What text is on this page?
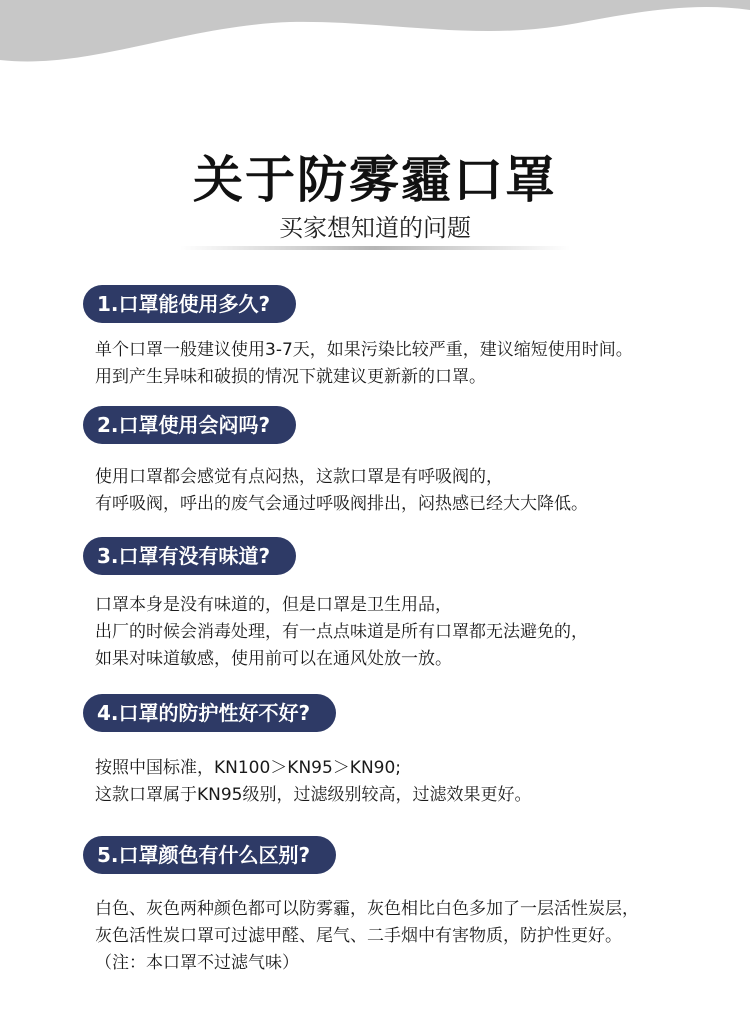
关于防雾霾口罩
买家想知道的问题
1.口罩能使用多久?
单个口罩一般建议使用3-7天，如果污染比较严重，建议缩短使用时间。
用到产生异味和破损的情况下就建议更新新的口罩。
2.口罩使用会闷吗?
使用口罩都会感觉有点闷热，这款口罩是有呼吸阀的，
有呼吸阀，呼出的废气会通过呼吸阀排出，闷热感已经大大降低。
3.口罩有没有味道?
口罩本身是没有味道的，但是口罩是卫生用品，
出厂的时候会消毒处理，有一点点味道是所有口罩都无法避免的，
如果对味道敏感，使用前可以在通风处放一放。
4.口罩的防护性好不好?
按照中国标准，KN100＞KN95＞KN90;
这款口罩属于KN95级别，过滤级别较高，过滤效果更好。
5.口罩颜色有什么区别?
白色、灰色两种颜色都可以防雾霾，灰色相比白色多加了一层活性炭层，
灰色活性炭口罩可过滤甲醛、尾气、二手烟中有害物质，防护性更好。
（注：本口罩不过滤气味）
